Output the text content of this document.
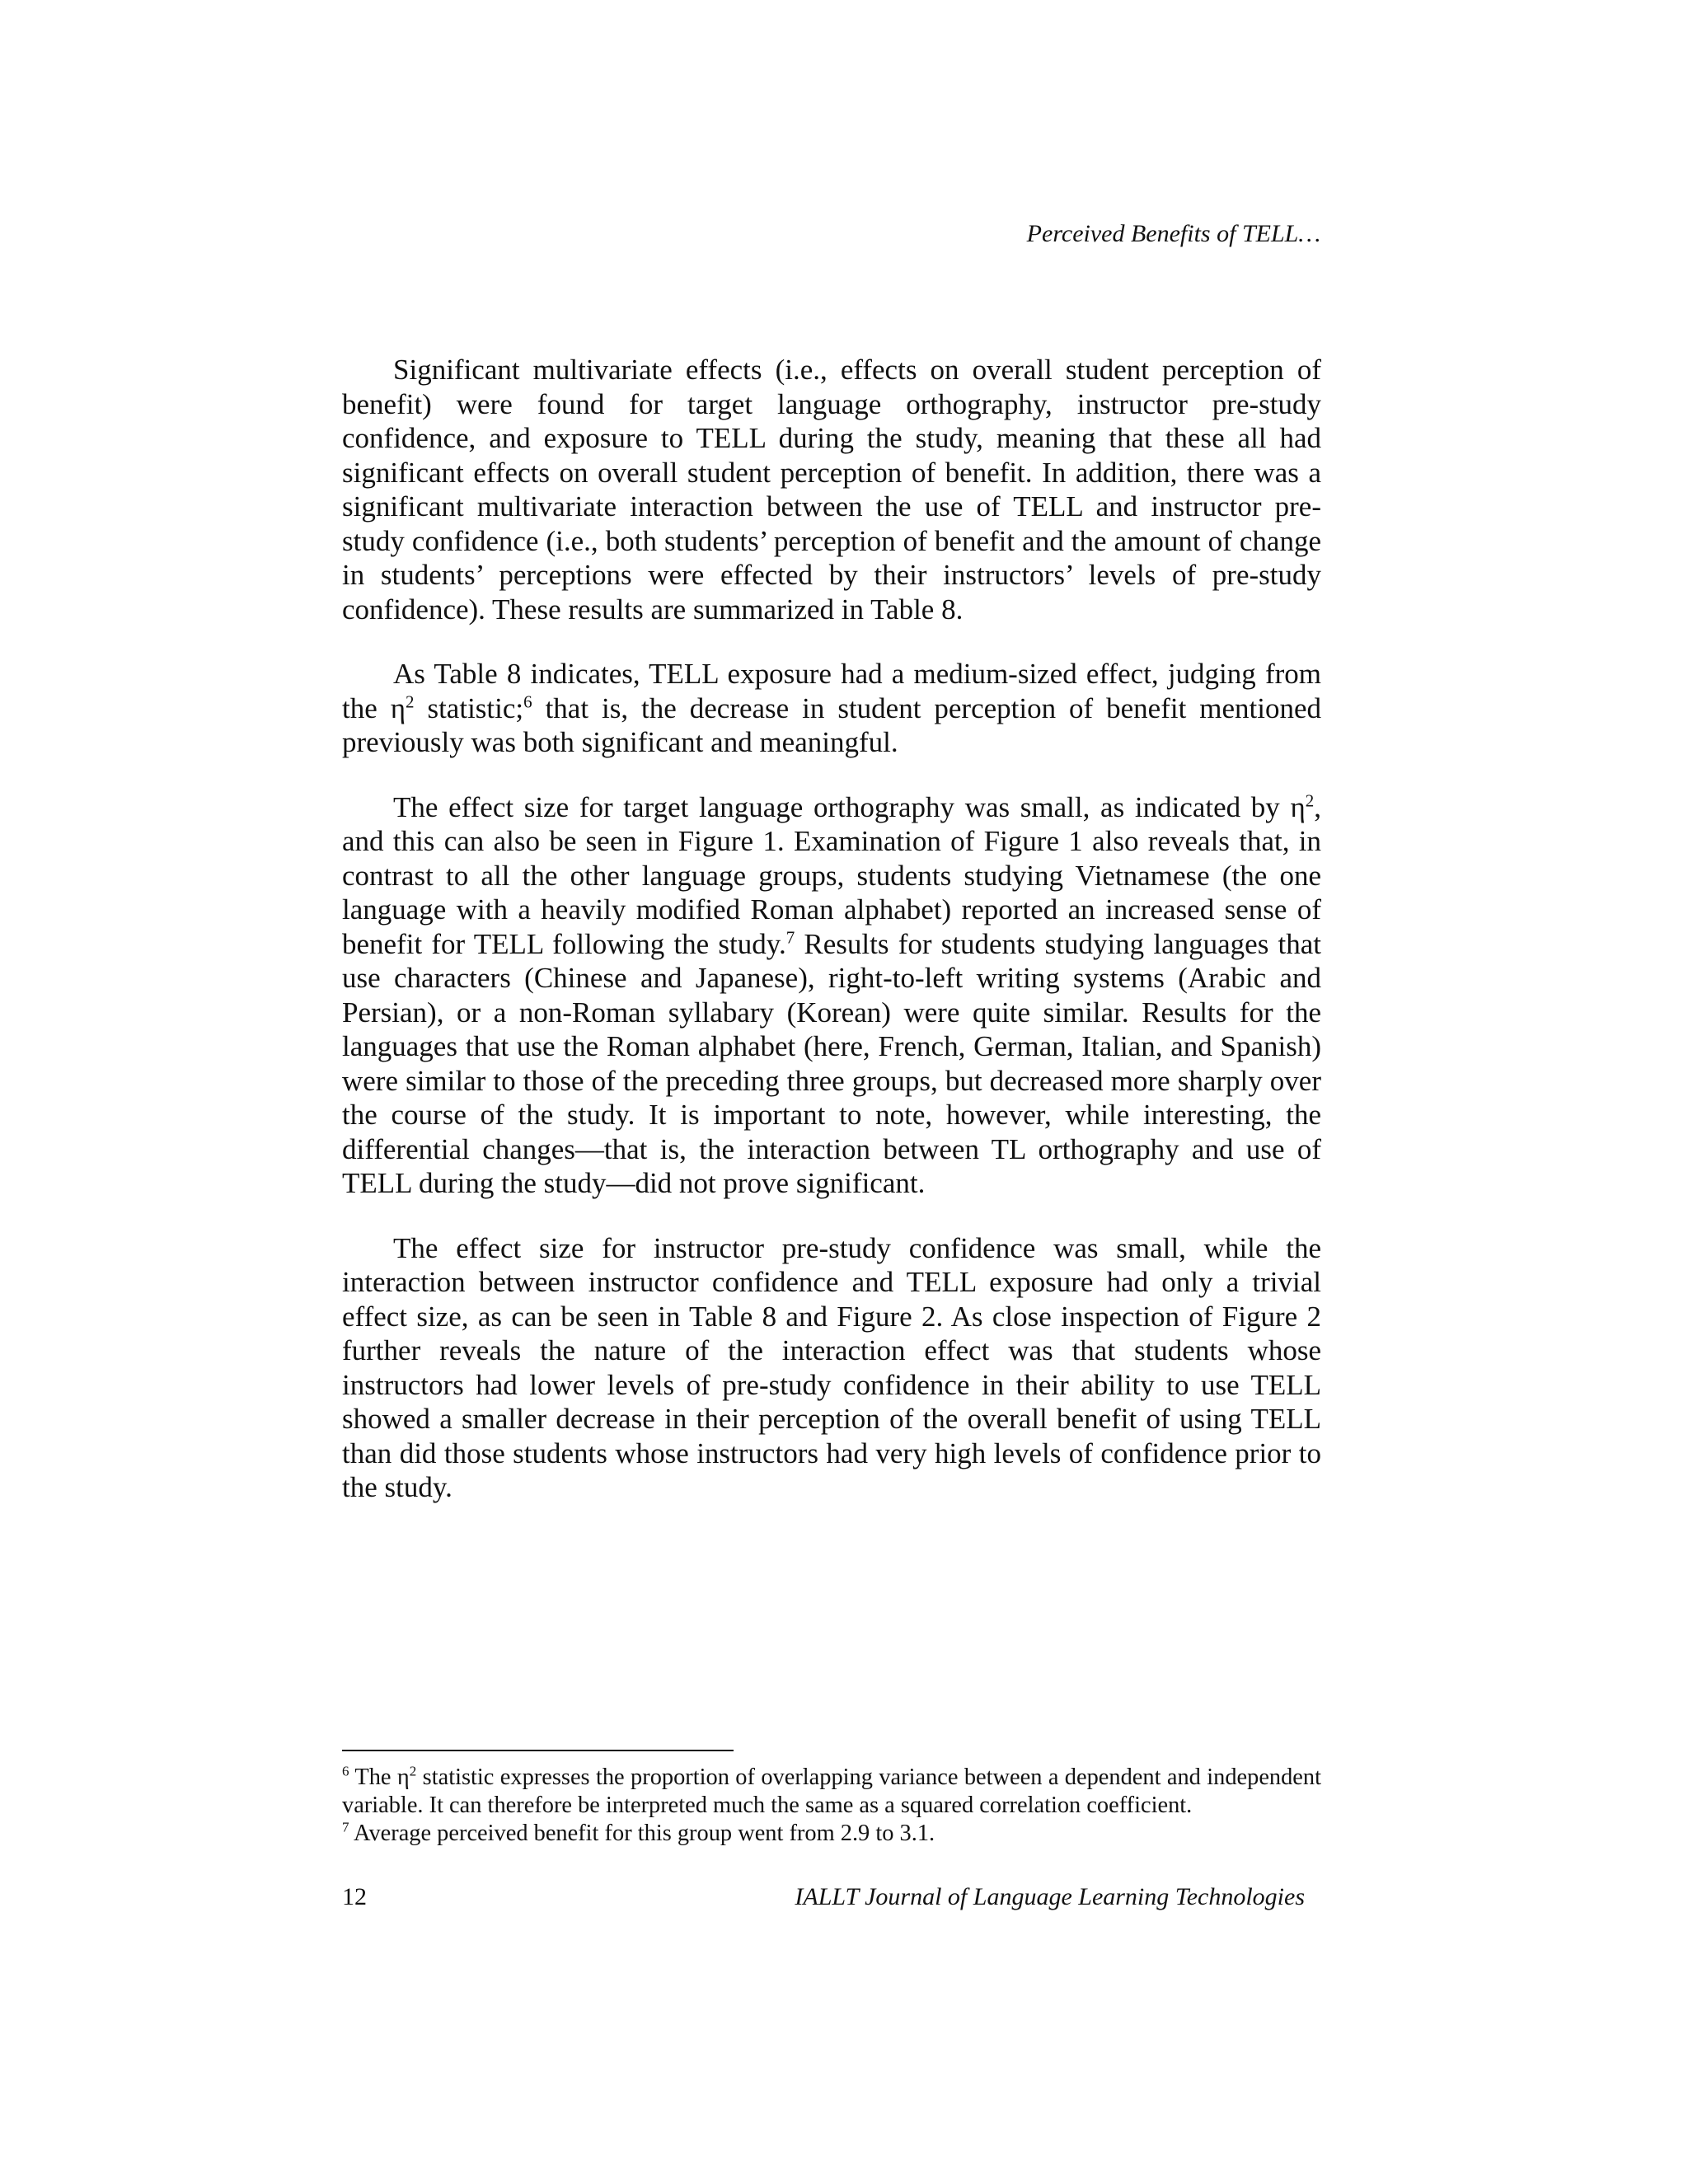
Perceived Benefits of TELL…

Significant multivariate effects (i.e., effects on overall student perception of benefit) were found for target language orthography, instructor pre-study confidence, and exposure to TELL during the study, meaning that these all had significant effects on overall student perception of benefit. In addition, there was a significant multivariate interaction between the use of TELL and instructor pre-study confidence (i.e., both students’ perception of benefit and the amount of change in students’ perceptions were effected by their instructors’ levels of pre-study confidence). These results are summarized in Table 8.

As Table 8 indicates, TELL exposure had a medium-sized effect, judging from the $\eta^2$ statistic;$^6$ that is, the decrease in student perception of benefit mentioned previously was both significant and meaningful.

The effect size for target language orthography was small, as indicated by $\eta^2$, and this can also be seen in Figure 1. Examination of Figure 1 also reveals that, in contrast to all the other language groups, students studying Vietnamese (the one language with a heavily modified Roman alphabet) reported an increased sense of benefit for TELL following the study.$^7$ Results for students studying languages that use characters (Chinese and Japanese), right-to-left writing systems (Arabic and Persian), or a non-Roman syllabary (Korean) were quite similar. Results for the languages that use the Roman alphabet (here, French, German, Italian, and Spanish) were similar to those of the preceding three groups, but decreased more sharply over the course of the study. It is important to note, however, while interesting, the differential changes—that is, the interaction between TL orthography and use of TELL during the study—did not prove significant.

The effect size for instructor pre-study confidence was small, while the interaction between instructor confidence and TELL exposure had only a trivial effect size, as can be seen in Table 8 and Figure 2. As close inspection of Figure 2 further reveals the nature of the interaction effect was that students whose instructors had lower levels of pre-study confidence in their ability to use TELL showed a smaller decrease in their perception of the overall benefit of using TELL than did those students whose instructors had very high levels of confidence prior to the study.

$^6$ The $\eta^2$ statistic expresses the proportion of overlapping variance between a dependent and independent variable. It can therefore be interpreted much the same as a squared correlation coefficient.

$^7$ Average perceived benefit for this group went from 2.9 to 3.1.

12	IALLT Journal of Language Learning Technologies
